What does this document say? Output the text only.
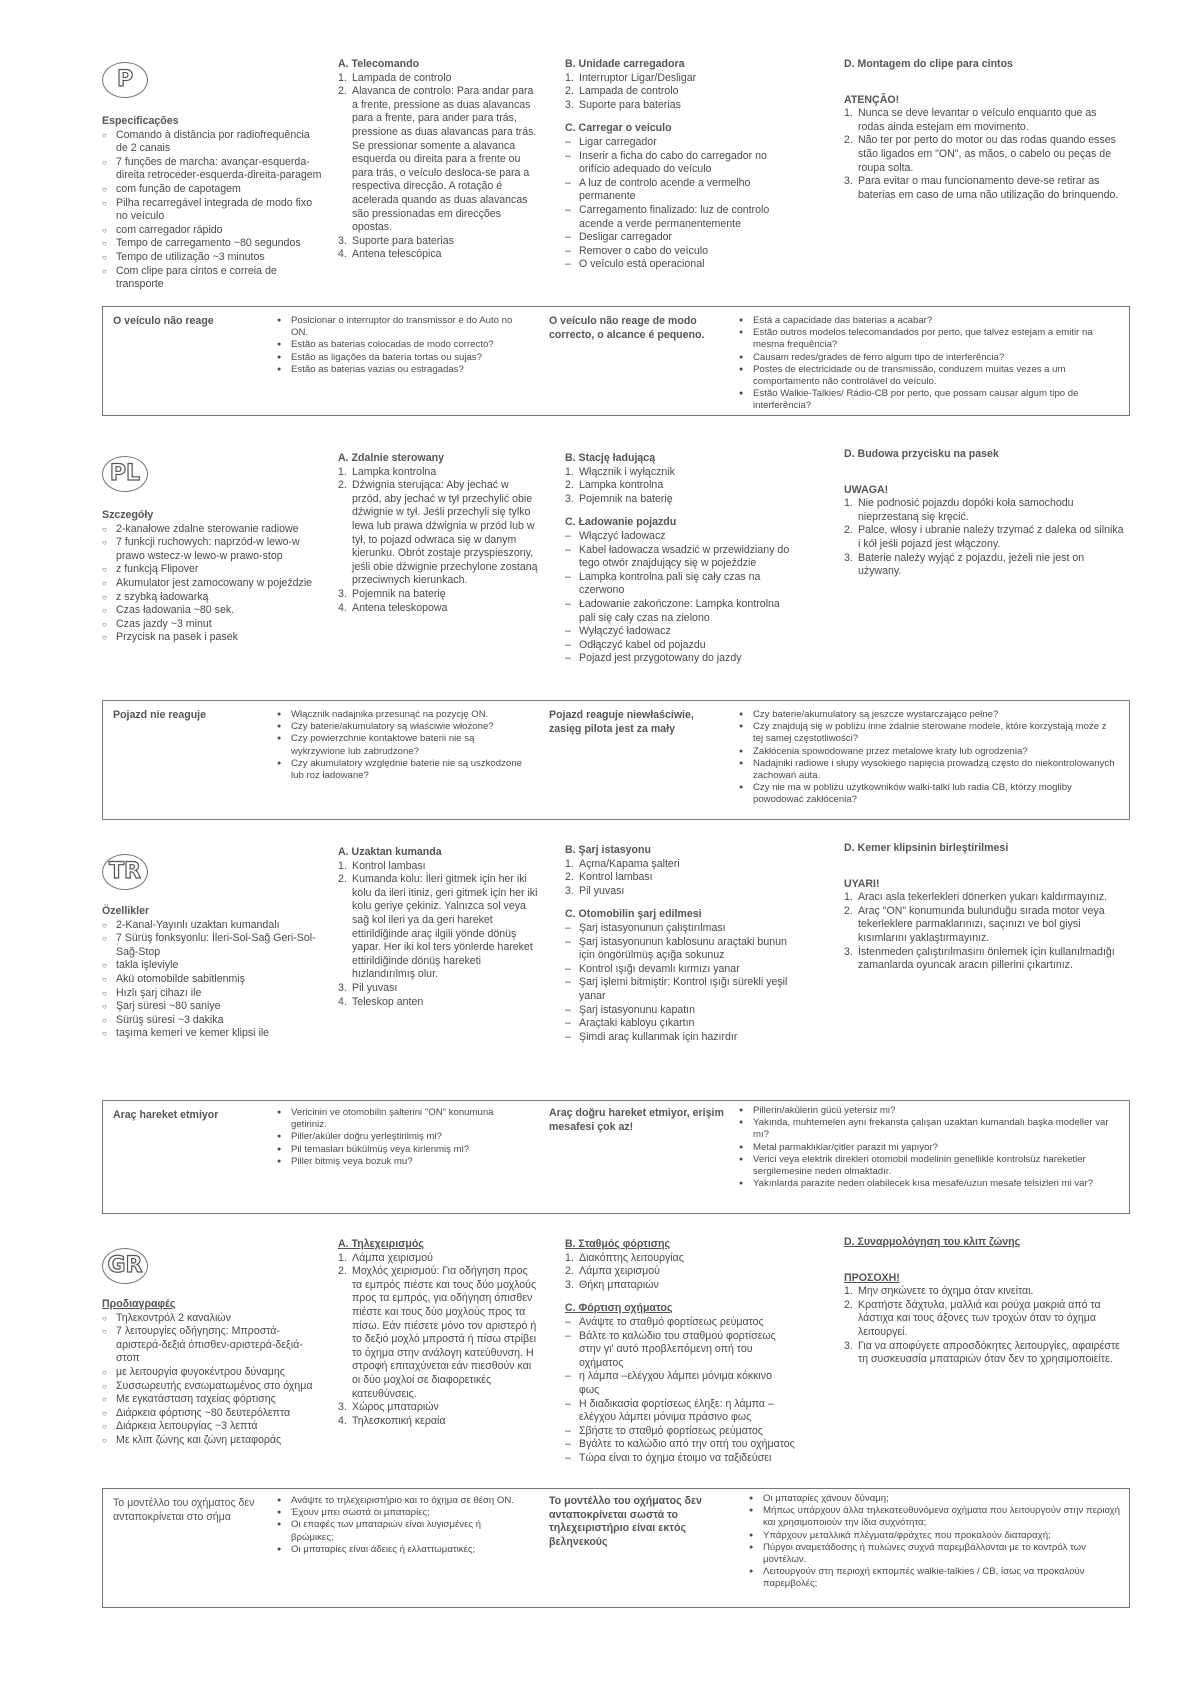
P

Especificações

○ Comando à distância por radiofrequência de 2 canais
○ 7 funções de marcha: avançar-esquerda-direita retroceder-esquerda-direita-paragem
○ com função de capotagem
○ Pilha recarregável integrada de modo fixo no veículo
○ com carregador rápido
○ Tempo de carregamento ~80 segundos
○ Tempo de utilização ~3 minutos
○ Com clipe para cintos e correia de transporte

A. Telecomando

1. Lampada de controlo
2. Alavanca de controlo: Para andar para a frente, pressione as duas alavancas para a frente, para ander para trás, pressione as duas alavancas para trás. Se pressionar somente a alavanca esquerda ou direita para a frente ou para trás, o veículo desloca-se para a respectiva direcção. A rotação é acelerada quando as duas alavancas são pressionadas em direcções opostas.
3. Suporte para baterias
4. Antena telescópica

B. Unidade carregadora

1. Interruptor Ligar/Desligar
2. Lampada de controlo
3. Suporte para baterias

C. Carregar o veículo

– Ligar carregador
– Inserir a ficha do cabo do carregador no orifício adequado do veículo
– A luz de controlo acende a vermelho permanente
– Carregamento finalizado: luz de controlo acende a verde permanentemente
– Desligar carregador
– Remover o cabo do veículo
– O veículo está operacional

D. Montagem do clipe para cintos

ATENÇÃO!

1. Nunca se deve levantar o veículo enquanto que as rodas ainda estejam em movimento.
2. Não ter por perto do motor ou das rodas quando esses stão ligados em "ON", as mãos, o cabelo ou peças de roupa solta.
3. Para evitar o mau funcionamento deve-se retirar as baterias em caso de uma não utilização do brinquendo.
O veículo não reage	● Posicionar o interruptor do transmissor e do Auto no ON.
● Estão as baterias colocadas de modo correcto?
● Estão as ligações da bateria tortas ou sujas?
● Estão as baterias vazias ou estragadas?
O veículo não reage de modo correcto, o alcance é pequeno.
● Está a capacidade das baterias a acabar?
● Estão outros modelos telecomandados por perto, que talvez estejam a emitir na mesma frequência?
● Causam redes/grades de ferro algum tipo de interferência?
● Postes de electricidade ou de transmissão, conduzem muitas vezes a um comportamento não controlável do veículo.
● Estão Walkie-Talkies/ Rádio-CB por perto, que possam causar algum tipo de interferência?
PL

Szczegóły

○ 2-kanałowe zdalne sterowanie radiowe
○ 7 funkcji ruchowych: naprzód-w lewo-w prawo wstecz-w lewo-w prawo-stop
○ z funkcją Flipover
○ Akumulator jest zamocowany w pojeździe
○ z szybką ładowarką
○ Czas ładowania ~80 sek.
○ Czas jazdy ~3 minut
○ Przycisk na pasek i pasek

A. Zdalnie sterowany

1. Lampka kontrolna
2. Dźwignia sterująca: Aby jechać w przód, aby jechać w tył przechylić obie dźwignie w tył. Jeśli przechyli się tylko lewa lub prawa dźwignia w przód lub w tył, to pojazd odwraca się w danym kierunku. Obrót zostaje przyspieszony, jeśli obie dźwignie przechylone zostaną przeciwnych kierunkach.
3. Pojemnik na baterię
4. Antena teleskopowa

B. Stację ładującą

1. Włącznik i wyłącznik
2. Lampka kontrolna
3. Pojemnik na baterię

C. Ładowanie pojazdu

– Włączyć ładowacz
– Kabel ładowacza wsadzić w przewidziany do tego otwór znajdujący się w pojeździe
– Lampka kontrolna pali się cały czas na czerwono
– Ładowanie zakończone: Lampka kontrolna pali się cały czas na zielono
– Wyłączyć ładowacz
– Odłączyć kabel od pojazdu
– Pojazd jest przygotowany do jazdy

D. Budowa przycisku na pasek

UWAGA!

1. Nie podnosić pojazdu dopóki koła samochodu nieprzestaną się kręcić.
2. Palce, włosy i ubranie należy trzymać z daleka od silnika i kół jeśli pojazd jest włączony.
3. Baterie należy wyjąć z pojazdu, jeżeli nie jest on używany.
Pojazd nie reaguje	● Włącznik nadajnika przesunąć na pozycję ON.
● Czy baterie/akumulatory są właściwie włożone?
● Czy powierzchnie kontaktowe baterii nie są wykrzywione lub zabrudzone?
● Czy akumulatory względnie baterie nie są uszkodzone lub roz ładowane?
Pojazd reaguje niewłaściwie, zasięg pilota jest za mały
● Czy baterie/akumulatory są jeszcze wystarczająco pełne?
● Czy znajdują się w pobliżu inne zdalnie sterowane modele, które korzystają może z tej samej częstotliwości?
● Zakłócenia spowodowane przez metalowe kraty lub ogrodzenia?
● Nadajniki radiowe i słupy wysokiego napięcia prowadzą często do niekontrolowanych zachowań auta.
● Czy nie ma w pobliżu użytkowników walki-talki lub radia CB, którzy mogliby powodować zakłócenia?
TR

Özellikler

○ 2-Kanal-Yayınlı uzaktan kumandalı
○ 7 Sürüş fonksyonlu: İleri-Sol-Sağ Geri-Sol-Sağ-Stop
○ takla işleviyle
○ Akü otomobilde sabitlenmiş
○ Hızlı şarj cihazı ile
○ Şarj süresi ~80 saniye
○ Sürüş süresi ~3 dakika
○ taşıma kemeri ve kemer klipsi ile

A. Uzaktan kumanda

1. Kontrol lambası
2. Kumanda kolu: İleri gitmek için her iki kolu da ileri itiniz, geri gitmek için her iki kolu geriye çekiniz. Yalnızca sol veya sağ kol ileri ya da geri hareket ettirildiğinde araç ilgili yönde dönüş yapar. Her iki kol ters yönlerde hareket ettirildiğinde dönüş hareketi hızlandırılmış olur.
3. Pil yuvası
4. Teleskop anten

B. Şarj istasyonu

1. Açma/Kapama şalteri
2. Kontrol lambası
3. Pil yuvası

C. Otomobilin şarj edilmesi

– Şarj istasyonunun çalıştırılması
– Şarj istasyonunun kablosunu araçtaki bunun için öngörülmüş açığa sokunuz
– Kontrol ışığı devamlı kırmızı yanar
– Şarj işlemi bitmiştir: Kontrol ışığı sürekli yeşil yanar
– Şarj istasyonunu kapatın
– Araçtaki kabloyu çıkartın
– Şimdi araç kullanmak için hazırdır

D. Kemer klipsinin birleştirilmesi

UYARI!

1. Aracı asla tekerlekleri dönerken yukarı kaldırmayınız.
2. Araç "ON" konumunda bulunduğu sırada motor veya tekerleklere parmaklarınızı, saçınızı ve bol giysi kısımlarını yaklaştırmayınız.
3. İstenmeden çalıştırılmasını önlemek için kullanılmadığı zamanlarda oyuncak aracın pillerini çıkartınız.
Araç hareket etmiyor	● Vericinin ve otomobilin şalterini "ON" konumuna getiriniz.
● Piller/aküler doğru yerleştirilmiş mi?
● Pil temasları bükülmüş veya kirlenmiş mi?
● Piller bitmiş veya bozuk mu?
Araç doğru hareket etmiyor, erişim mesafesi çok az!
● Pillerin/akülerin gücü yetersiz mi?
● Yakında, muhtemelen aynı frekansta çalışan uzaktan kumandalı başka modeller var mı?
● Metal parmaklıklar/çitler parazit mi yapıyor?
● Verici veya elektrik direkleri otomobil modelinin genellikle kontrolsüz hareketler sergilemesine neden olmaktadır.
● Yakınlarda parazite neden olabilecek kısa mesafe/uzun mesafe telsizleri mi var?
GR

Προδιαγραφές

○ Τηλεκοντρόλ 2 καναλιών
○ 7 λειτουργίες οδήγησης: Μπροστά-αριστερά-δεξιά όπισθεν-αριστερά-δεξιά-στοπ
○ με λειτουργία φυγοκέντρου δύναμης
○ Συσσωρευτής ενσωματωμένος στο όχημα
○ Με εγκατάσταση ταχείας φόρτισης
○ Διάρκεια φόρτισης ~80 δευτερόλεπτα
○ Διάρκεια λειτουργίας ~3 λεπτά
○ Με κλιπ ζώνης και ζώνη μεταφοράς

A. Τηλεχειρισμός

1. Λάμπα χειρισμού
2. Μοχλός χειρισμού: Για οδήγηση προς τα εμπρός πιέστε και τους δύο μοχλούς προς τα εμπρός, για οδήγηση όπισθεν πιέστε και τους δύο μοχλούς προς τα πίσω. Εάν πιέσετε μόνο τον αριστερό ή το δεξιό μοχλό μπροστά ή πίσω στρίβει το όχημα στην ανάλογη κατεύθυνση. Η στροφή επιταχύνεται εάν πιεσθούν και οι δύο μοχλοί σε διαφορετικές κατευθύνσεις.
3. Χώρος μπαταριών
4. Τηλεσκοπική κεραία

B. Σταθμός φόρτισης

1. Διακόπτης λειτουργίας
2. Λάμπα χειρισμού
3. Θήκη μπαταριών

C. Φόρτιση οχήματος

– Ανάψτε το σταθμό φορτίσεως ρεύματος
– Βάλτε το καλώδιο του σταθμού φορτίσεως στην γι' αυτό προβλεπόμενη οπή του οχήματος
– η λάμπα –ελέγχου λάμπει μόνιμα κόκκινο φως
– Η διαδικασία φορτίσεως έληξε: η λάμπα –ελέγχου λάμπει μόνιμα πράσινο φως
– Σβήστε το σταθμό φορτίσεως ρεύματος
– Βγάλτε το καλώδιο από την οπή του οχήματος
– Τώρα είναι το όχημα έτοιμο να ταξιδεύσει

D. Συναρμολόγηση του κλιπ ζώνης

ΠΡΟΣΟΧΗ!

1. Μην σηκώνετε το όχημα όταν κινείται.
2. Κρατήστε δάχτυλα, μαλλιά και ρούχα μακριά από τα λάστιχα και τους άξονες των τροχών όταν το όχημα λειτουργεί.
3. Για να αποφύγετε απροσδόκητες λειτουργίες, αφαιρέστε τη συσκευασία μπαταριών όταν δεν το χρησιμοποιείτε.
Το μοντέλλο του οχήματος δεν ανταποκρίνεται στο σήμα
● Ανάψτε το τηλεχειριστήριο και το όχημα σε θέση ON.
● Έχουν μπει σωστά οι μπαταρίες;
● Οι επαφές των μπαταριών είναι λυγισμένες ή βρώμικες;
● Οι μπαταρίες είναι άδειες ή ελλαττωματικές;
Το μοντέλλο του οχήματος δεν ανταποκρίνεται σωστά το τηλεχειριστήριο είναι εκτός βεληνεκούς
● Οι μπαταρίες χάνουν δύναμη;
● Μήπως υπάρχουν άλλα τηλεκατευθυνόμενα οχήματα που λειτουργούν στην περιοχή και χρησιμοποιούν την ίδια συχνότητα;
● Υπάρχουν μεταλλικά πλέγματα/φράχτες που προκαλούν διαταραχή;
● Πύργοι αναμετάδοσης ή πυλώνες συχνά παρεμβάλλονται με το κοντρόλ των μοντέλων.
● Λειτουργούν στη περιοχή εκπομπές walkie-talkies / CB, ίσως να προκαλούν παρεμβολές;
